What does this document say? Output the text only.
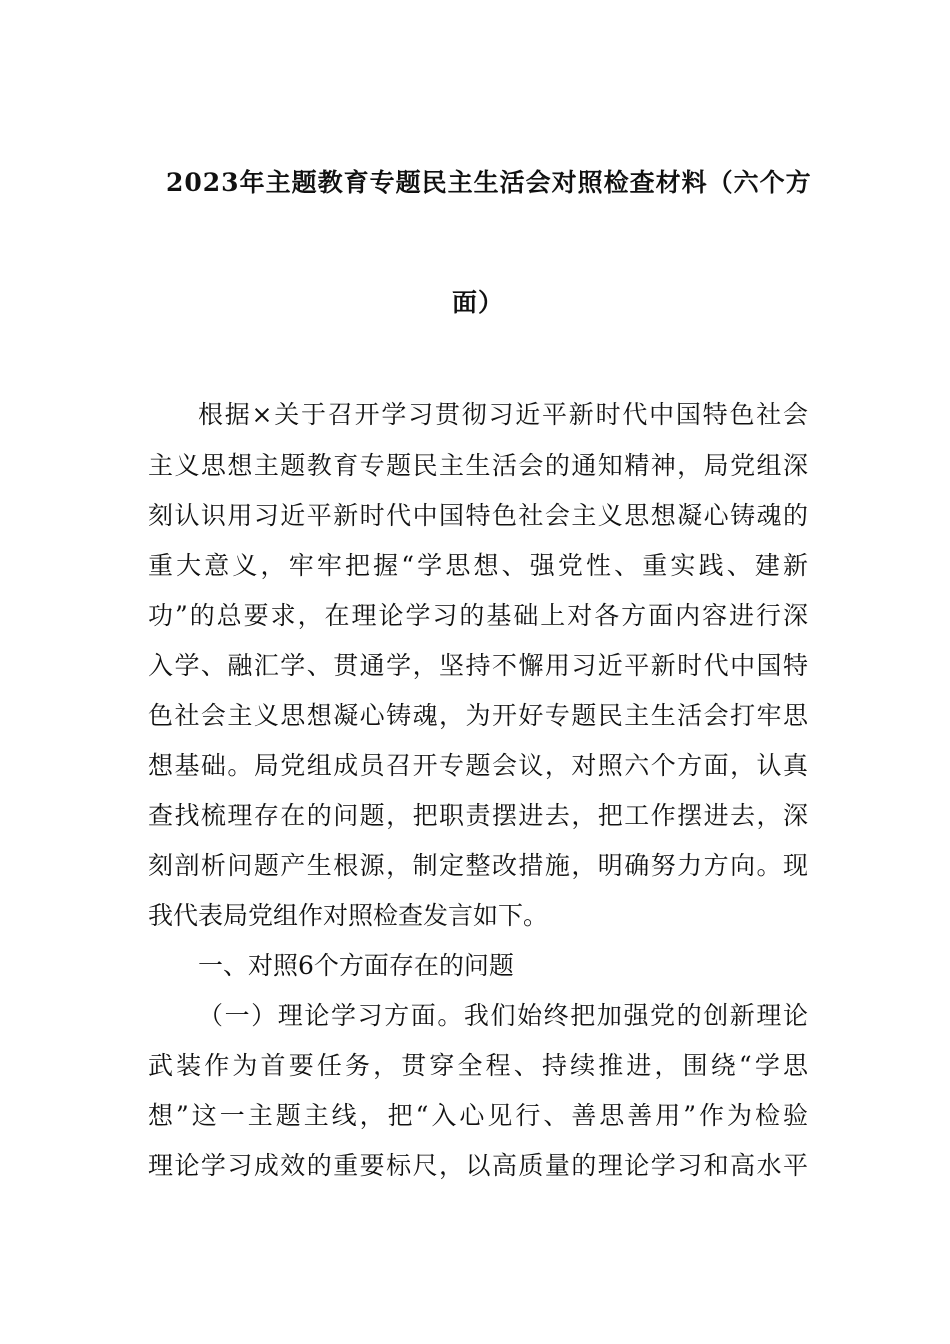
2023年主题教育专题民主生活会对照检查材料（六个方
面）
根据×关于召开学习贯彻习近平新时代中国特色社会
主义思想主题教育专题民主生活会的通知精神，局党组深
刻认识用习近平新时代中国特色社会主义思想凝心铸魂的
重大意义，牢牢把握“学思想、强党性、重实践、建新
功”的总要求，在理论学习的基础上对各方面内容进行深
入学、融汇学、贯通学，坚持不懈用习近平新时代中国特
色社会主义思想凝心铸魂，为开好专题民主生活会打牢思
想基础。局党组成员召开专题会议，对照六个方面，认真
查找梳理存在的问题，把职责摆进去，把工作摆进去，深
刻剖析问题产生根源，制定整改措施，明确努力方向。现
我代表局党组作对照检查发言如下。
一、对照6个方面存在的问题
（一）理论学习方面。我们始终把加强党的创新理论
武装作为首要任务，贯穿全程、持续推进，围绕“学思
想”这一主题主线，把“入心见行、善思善用”作为检验
理论学习成效的重要标尺，以高质量的理论学习和高水平
